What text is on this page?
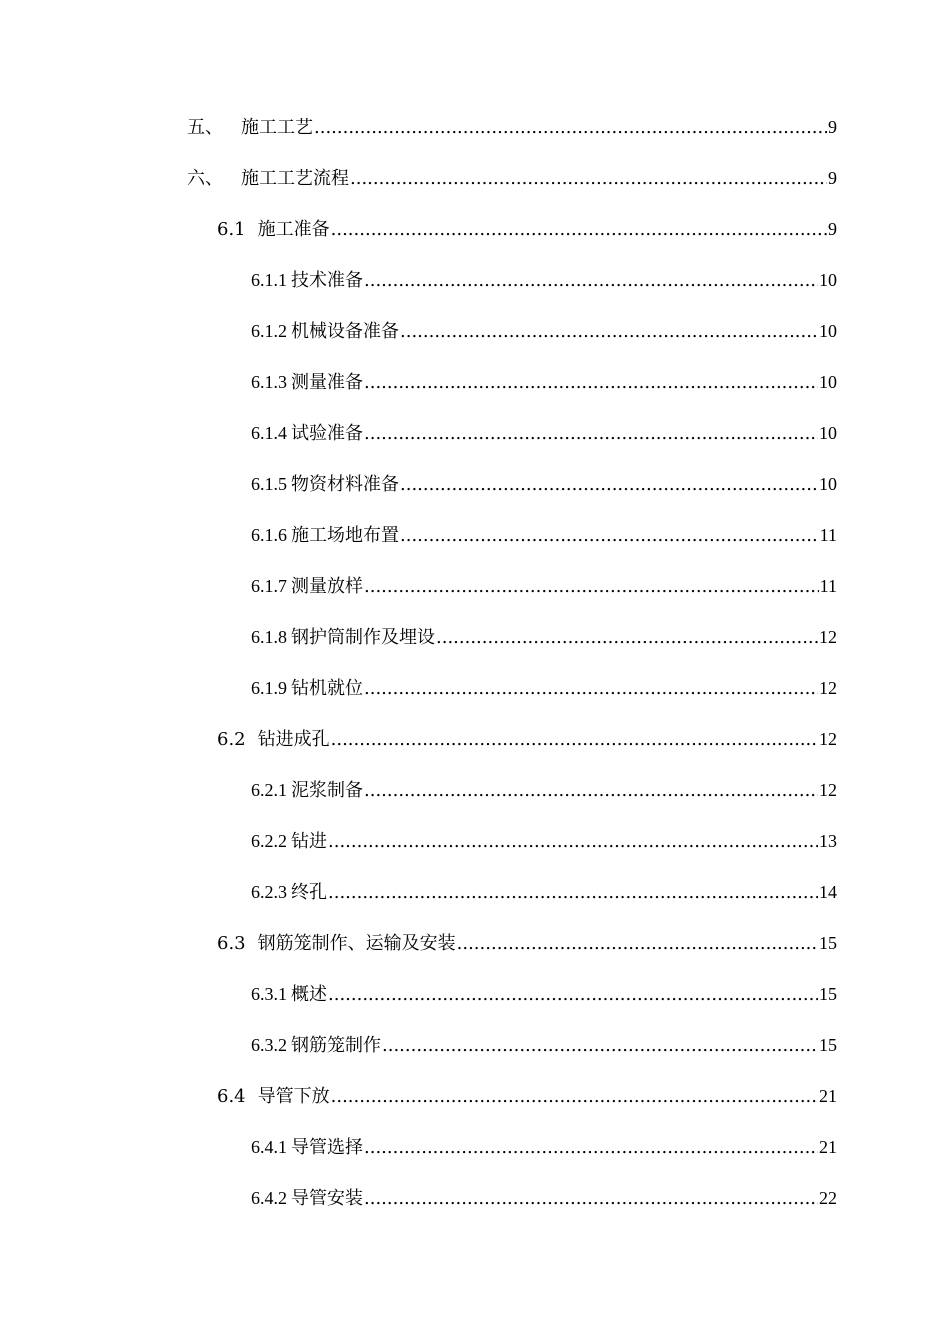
五、 施工工艺 .....	9
六、 施工工艺流程 .....	9
6.1 施工准备 .....	9
6.1.1 技术准备 .....	10
6.1.2 机械设备准备 .....	10
6.1.3 测量准备 .....	10
6.1.4 试验准备 .....	10
6.1.5 物资材料准备 .....	10
6.1.6 施工场地布置 .....	11
6.1.7 测量放样 .....	11
6.1.8 钢护筒制作及埋设 .....	12
6.1.9 钻机就位 .....	12
6.2 钻进成孔 .....	12
6.2.1 泥浆制备 .....	12
6.2.2 钻进 .....	13
6.2.3 终孔 .....	14
6.3 钢筋笼制作、运输及安装 .....	15
6.3.1 概述 .....	15
6.3.2 钢筋笼制作 .....	15
6.4 导管下放 .....	21
6.4.1 导管选择 .....	21
6.4.2 导管安装 .....	22
